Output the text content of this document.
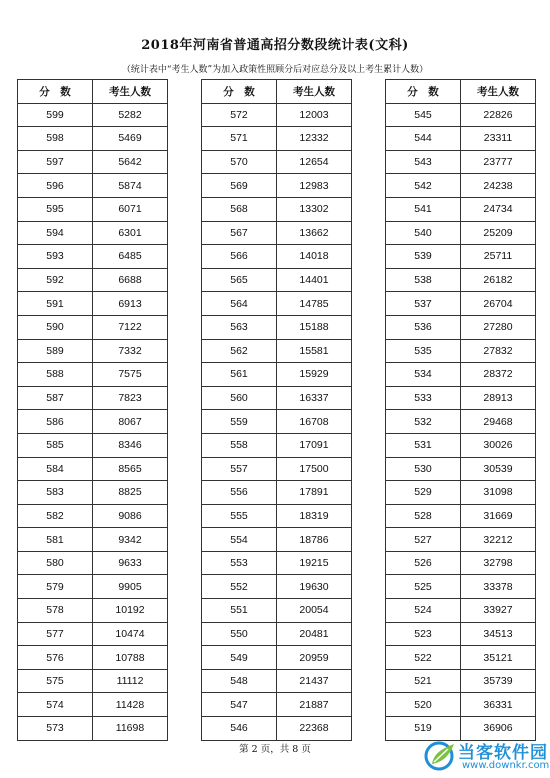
2018年河南省普通高招分数段统计表(文科)
（统计表中“考生人数”为加入政策性照顾分后对应总分及以上考生累计人数）
分　数	考生人数
599	5282
598	5469
597	5642
596	5874
595	6071
594	6301
593	6485
592	6688
591	6913
590	7122
589	7332
588	7575
587	7823
586	8067
585	8346
584	8565
583	8825
582	9086
581	9342
580	9633
579	9905
578	10192
577	10474
576	10788
575	11112
574	11428
573	11698
分　数	考生人数
572	12003
571	12332
570	12654
569	12983
568	13302
567	13662
566	14018
565	14401
564	14785
563	15188
562	15581
561	15929
560	16337
559	16708
558	17091
557	17500
556	17891
555	18319
554	18786
553	19215
552	19630
551	20054
550	20481
549	20959
548	21437
547	21887
546	22368
分　数	考生人数
545	22826
544	23311
543	23777
542	24238
541	24734
540	25209
539	25711
538	26182
537	26704
536	27280
535	27832
534	28372
533	28913
532	29468
531	30026
530	30539
529	31098
528	31669
527	32212
526	32798
525	33378
524	33927
523	34513
522	35121
521	35739
520	36331
519	36906
第 2 页，共 8 页	当客软件园
www.downkr.com
